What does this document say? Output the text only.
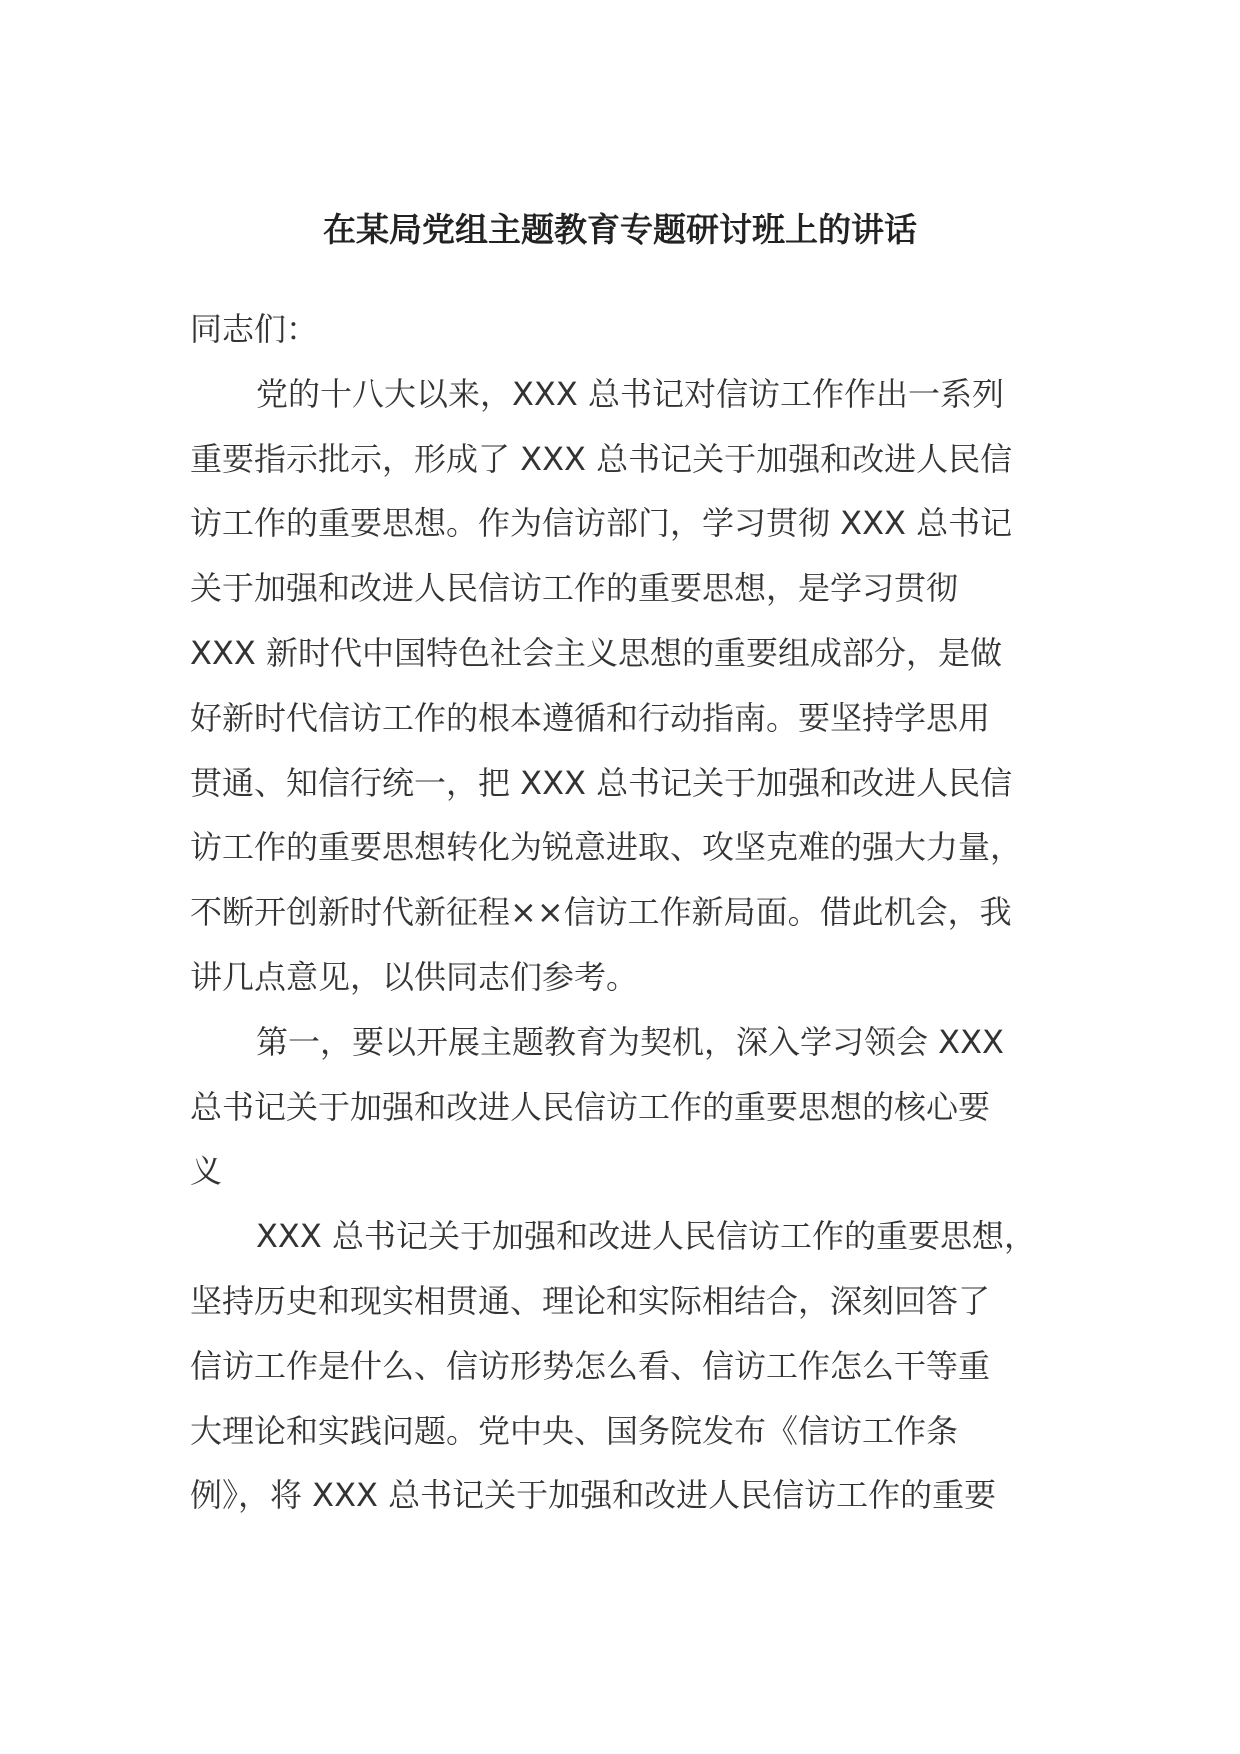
在某局党组主题教育专题研讨班上的讲话

同志们：

党的十八大以来，XXX 总书记对信访工作作出一系列

重要指示批示，形成了 XXX 总书记关于加强和改进人民信

访工作的重要思想。作为信访部门，学习贯彻 XXX 总书记

关于加强和改进人民信访工作的重要思想，是学习贯彻

XXX 新时代中国特色社会主义思想的重要组成部分，是做

好新时代信访工作的根本遵循和行动指南。要坚持学思用

贯通、知信行统一，把 XXX 总书记关于加强和改进人民信

访工作的重要思想转化为锐意进取、攻坚克难的强大力量，

不断开创新时代新征程××信访工作新局面。借此机会，我

讲几点意见，以供同志们参考。

第一，要以开展主题教育为契机，深入学习领会 XXX

总书记关于加强和改进人民信访工作的重要思想的核心要

义

XXX 总书记关于加强和改进人民信访工作的重要思想，

坚持历史和现实相贯通、理论和实际相结合，深刻回答了

信访工作是什么、信访形势怎么看、信访工作怎么干等重

大理论和实践问题。党中央、国务院发布《信访工作条

例》，将 XXX 总书记关于加强和改进人民信访工作的重要
